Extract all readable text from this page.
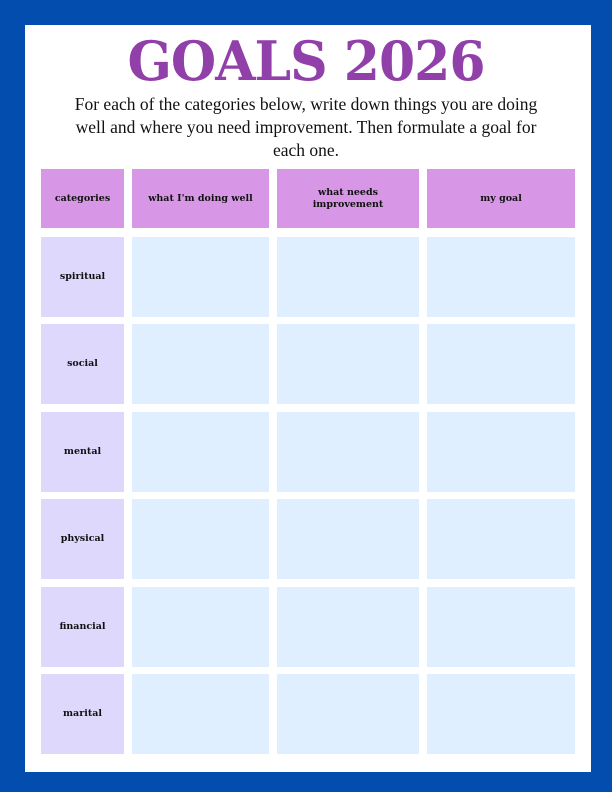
GOALS 2026
For each of the categories below, write down things you are doing well and where you need improvement. Then formulate a goal for each one.
categories	what I'm doing well
what needs improvement
my goal
spiritual
social
mental
physical
financial
marital
